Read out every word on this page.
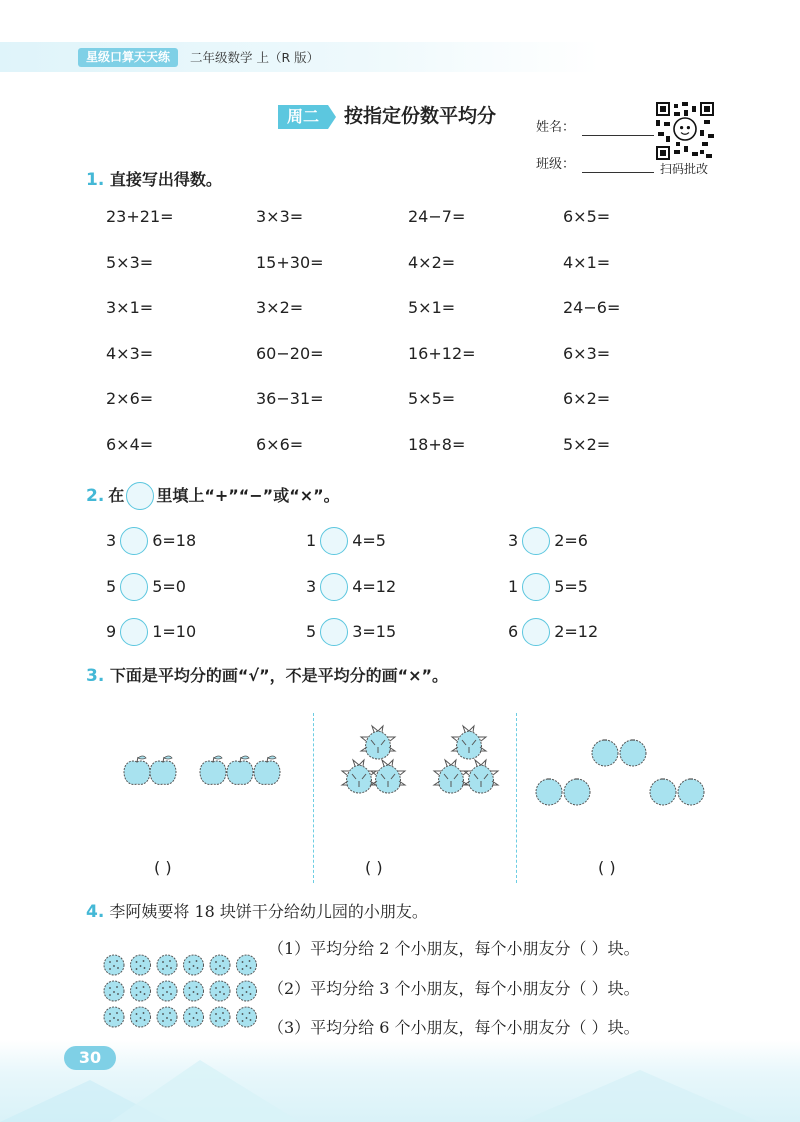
星级口算天天练	二年级数学 上（R 版）
周二	按指定份数平均分
姓名：
班级：	扫码批改
1. 直接写出得数。
23+21=	3×3=	24−7=	6×5=
5×3=	15+30=	4×2=	4×1=
3×1=	3×2=	5×1=	24−6=
4×3=	60−20=	16+12=	6×3=
2×6=	36−31=	5×5=	6×2=
6×4=	6×6=	18+8=	5×2=
2. 在 里填上“+”“−”或“×”。
3 6=18	1 4=5	3 2=6
5 5=0	3 4=12	1 5=5
9 1=10	5 3=15	6 2=12
3. 下面是平均分的画“√”，不是平均分的画“×”。
( )	( )	( )
4. 李阿姨要将 18 块饼干分给幼儿园的小朋友。
（1）平均分给 2 个小朋友，每个小朋友分（ ）块。
（2）平均分给 3 个小朋友，每个小朋友分（ ）块。
（3）平均分给 6 个小朋友，每个小朋友分（ ）块。
30
